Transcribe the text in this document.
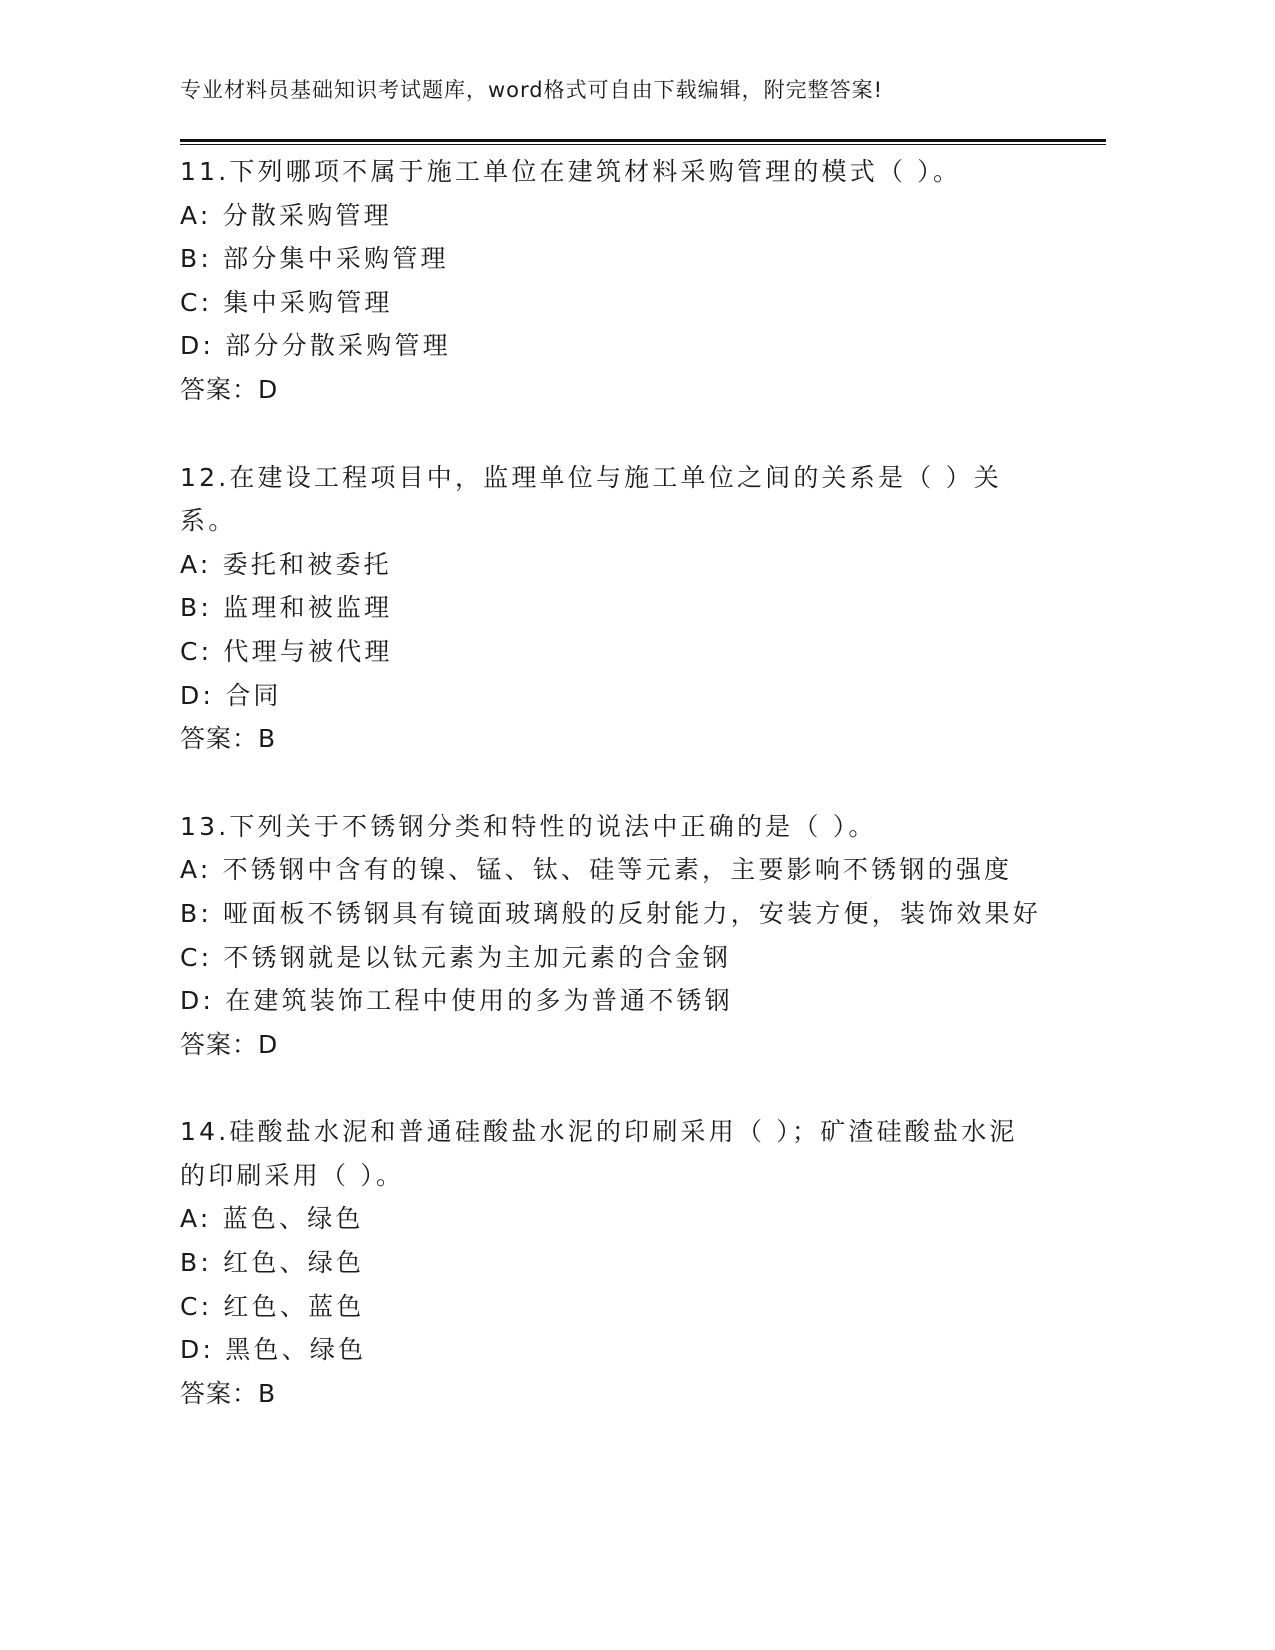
专业材料员基础知识考试题库，word格式可自由下载编辑，附完整答案!
11.下列哪项不属于施工单位在建筑材料采购管理的模式（ ）。
A: 分散采购管理
B: 部分集中采购管理
C: 集中采购管理
D: 部分分散采购管理
答案：D
12.在建设工程项目中，监理单位与施工单位之间的关系是（ ）关系。
A: 委托和被委托
B: 监理和被监理
C: 代理与被代理
D: 合同
答案：B
13.下列关于不锈钢分类和特性的说法中正确的是（ ）。
A: 不锈钢中含有的镍、锰、钛、硅等元素，主要影响不锈钢的强度
B: 哑面板不锈钢具有镜面玻璃般的反射能力，安装方便，装饰效果好
C: 不锈钢就是以钛元素为主加元素的合金钢
D: 在建筑装饰工程中使用的多为普通不锈钢
答案：D
14.硅酸盐水泥和普通硅酸盐水泥的印刷采用（ ）；矿渣硅酸盐水泥的印刷采用（ ）。
A: 蓝色、绿色
B: 红色、绿色
C: 红色、蓝色
D: 黑色、绿色
答案：B
